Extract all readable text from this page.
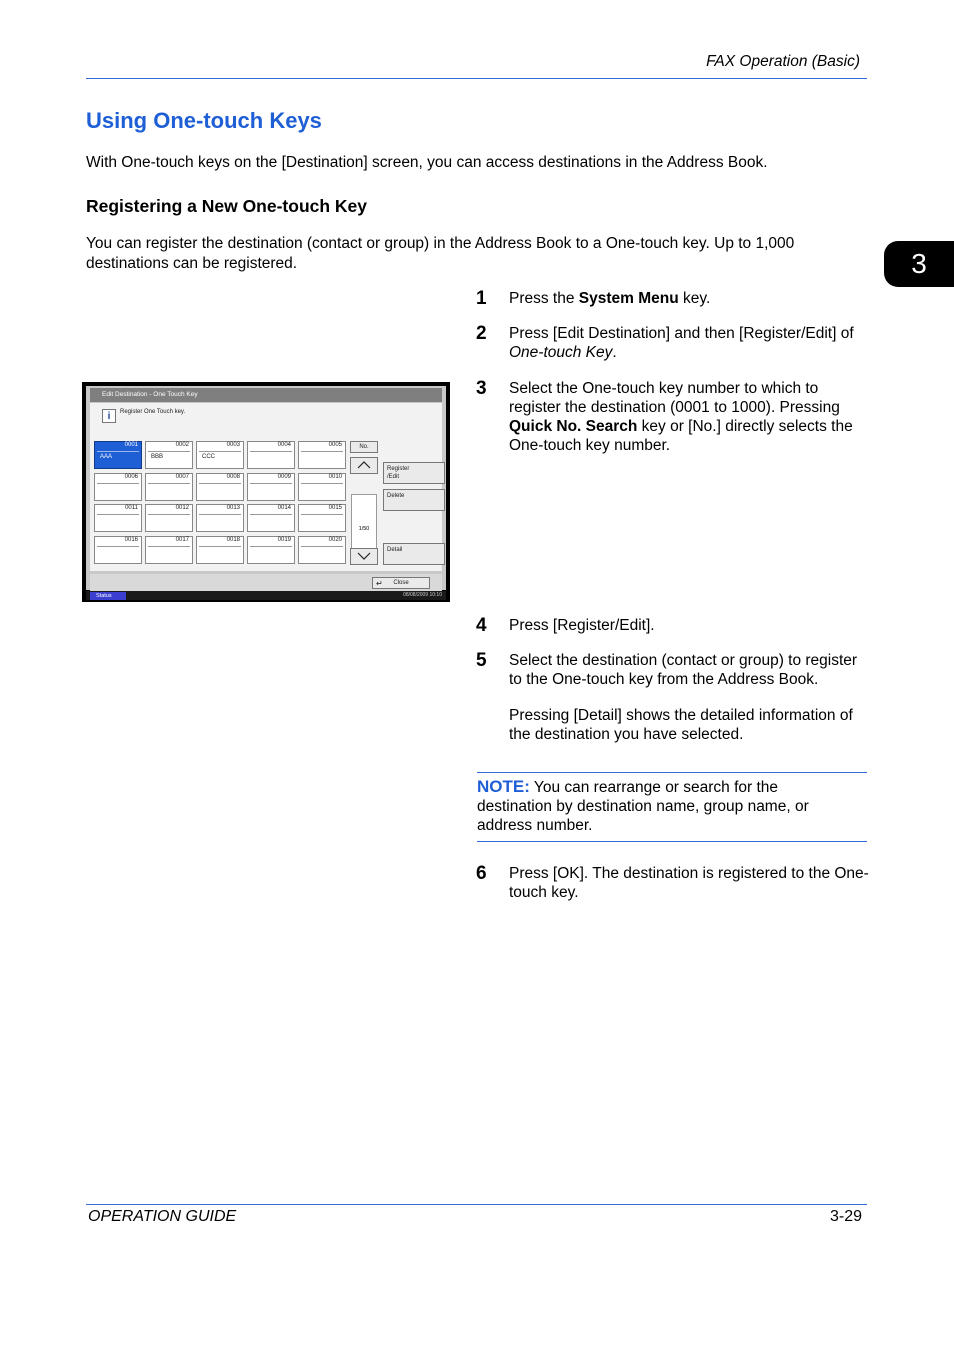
FAX Operation (Basic)
Using One-touch Keys
With One-touch keys on the [Destination] screen, you can access destinations in the Address Book.
Registering a New One-touch Key
You can register the destination (contact or group) in the Address Book to a One-touch key. Up to 1,000 destinations can be registered.	3
1 Press the System Menu key.
2 Press [Edit Destination] and then [Register/Edit] of One-touch Key.
3 Select the One-touch key number to which to register the destination (0001 to 1000). Pressing Quick No. Search key or [No.] directly selects the One-touch key number.
4 Press [Register/Edit].
5 Select the destination (contact or group) to register to the One-touch key from the Address Book.
Pressing [Detail] shows the detailed information of the destination you have selected.
NOTE: You can rearrange or search for the destination by destination name, group name, or address number.
6 Press [OK]. The destination is registered to the One-touch key.
Edit Destination - One Touch Key
i	Register One Touch key.
0001
AAA
0002
BBB
0003
CCC
0004	0005
0006	0007	0008	0009	0010
0011	0012	0013	0014	0015
0016	0017	0018	0019	0020
No.
1/50
Register
/Edit
Delete
Detail
↵ Close
Status	08/08/2009 10:10
OPERATION GUIDE	3-29
